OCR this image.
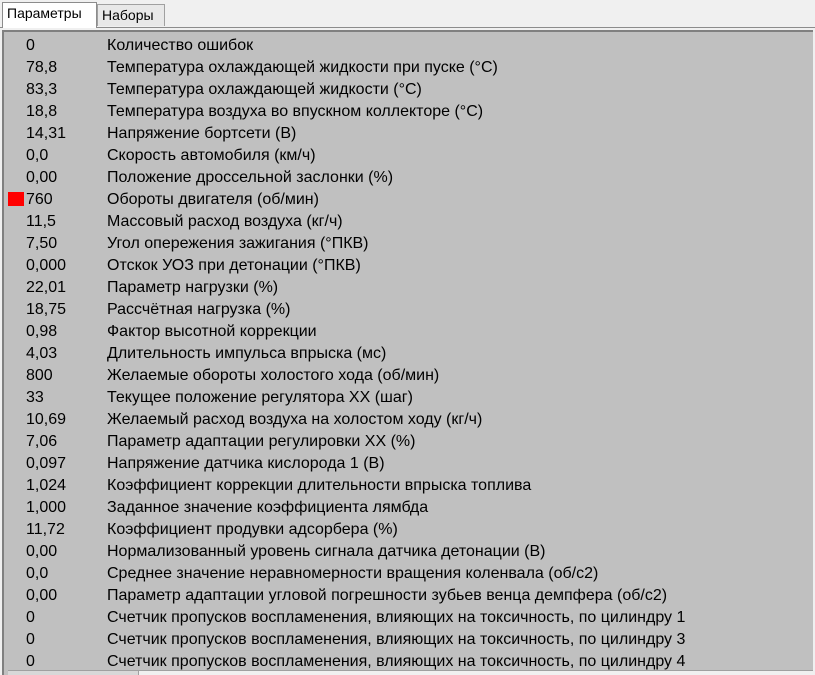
Параметры	Наборы
0	Количество ошибок
78,8	Температура охлаждающей жидкости при пуске (°С)
83,3	Температура охлаждающей жидкости (°С)
18,8	Температура воздуха во впускном коллекторе (°С)
14,31	Напряжение бортсети (В)
0,0	Скорость автомобиля (км/ч)
0,00	Положение дроссельной заслонки (%)
760	Обороты двигателя (об/мин)
11,5	Массовый расход воздуха (кг/ч)
7,50	Угол опережения зажигания (°ПКВ)
0,000	Отскок УОЗ при детонации (°ПКВ)
22,01	Параметр нагрузки (%)
18,75	Рассчётная нагрузка (%)
0,98	Фактор высотной коррекции
4,03	Длительность импульса впрыска (мс)
800	Желаемые обороты холостого хода (об/мин)
33	Текущее положение регулятора ХХ (шаг)
10,69	Желаемый расход воздуха на холостом ходу (кг/ч)
7,06	Параметр адаптации регулировки ХХ (%)
0,097	Напряжение датчика кислорода 1 (В)
1,024	Коэффициент коррекции длительности впрыска топлива
1,000	Заданное значение коэффициента лямбда
11,72	Коэффициент продувки адсорбера (%)
0,00	Нормализованный уровень сигнала датчика детонации (В)
0,0	Среднее значение неравномерности вращения коленвала (об/с2)
0,00	Параметр адаптации угловой погрешности зубьев венца демпфера (об/с2)
0	Счетчик пропусков воспламенения, влияющих на токсичность, по цилиндру 1
0	Счетчик пропусков воспламенения, влияющих на токсичность, по цилиндру 3
0	Счетчик пропусков воспламенения, влияющих на токсичность, по цилиндру 4
